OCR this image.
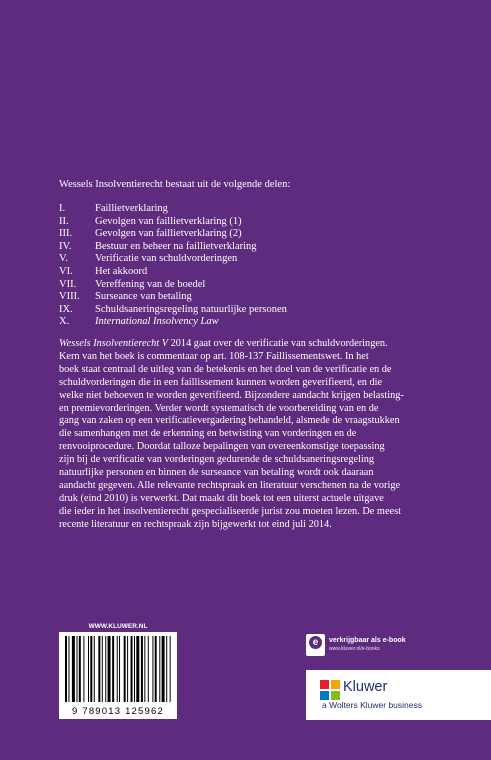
Wessels Insolventierecht bestaat uit de volgende delen:
I.	Faillietverklaring
II.	Gevolgen van faillietverklaring (1)
III.	Gevolgen van faillietverklaring (2)
IV.	Bestuur en beheer na faillietverklaring
V.	Verificatie van schuldvorderingen
VI.	Het akkoord
VII.	Vereffening van de boedel
VIII.	Surseance van betaling
IX.	Schuldsaneringsregeling natuurlijke personen
X.	International Insolvency Law
Wessels Insolventierecht V 2014 gaat over de verificatie van schuldvorderingen.
Kern van het boek is commentaar op art. 108-137 Faillissementswet. In het
boek staat centraal de uitleg van de betekenis en het doel van de verificatie en de
schuldvorderingen die in een faillissement kunnen worden geverifieerd, en die
welke niet behoeven te worden geverifieerd. Bijzondere aandacht krijgen belasting-
en premievorderingen. Verder wordt systematisch de voorbereiding van en de
gang van zaken op een verificatievergadering behandeld, alsmede de vraagstukken
die samenhangen met de erkenning en betwisting van vorderingen en de
renvooiprocedure. Doordat talloze bepalingen van overeenkomstige toepassing
zijn bij de verificatie van vorderingen gedurende de schuldsaneringsregeling
natuurlijke personen en binnen de surseance van betaling wordt ook daaraan
aandacht gegeven. Alle relevante rechtspraak en literatuur verschenen na de vorige
druk (eind 2010) is verwerkt. Dat maakt dit boek tot een uiterst actuele uitgave
die ieder in het insolventierecht gespecialiseerde jurist zou moeten lezen. De meest
recente literatuur en rechtspraak zijn bijgewerkt tot eind juli 2014.
WWW.KLUWER.NL
9 789013 125962
e	verkrijgbaar als e-book
www.kluwer.nl/e-books
Kluwer
a Wolters Kluwer business
